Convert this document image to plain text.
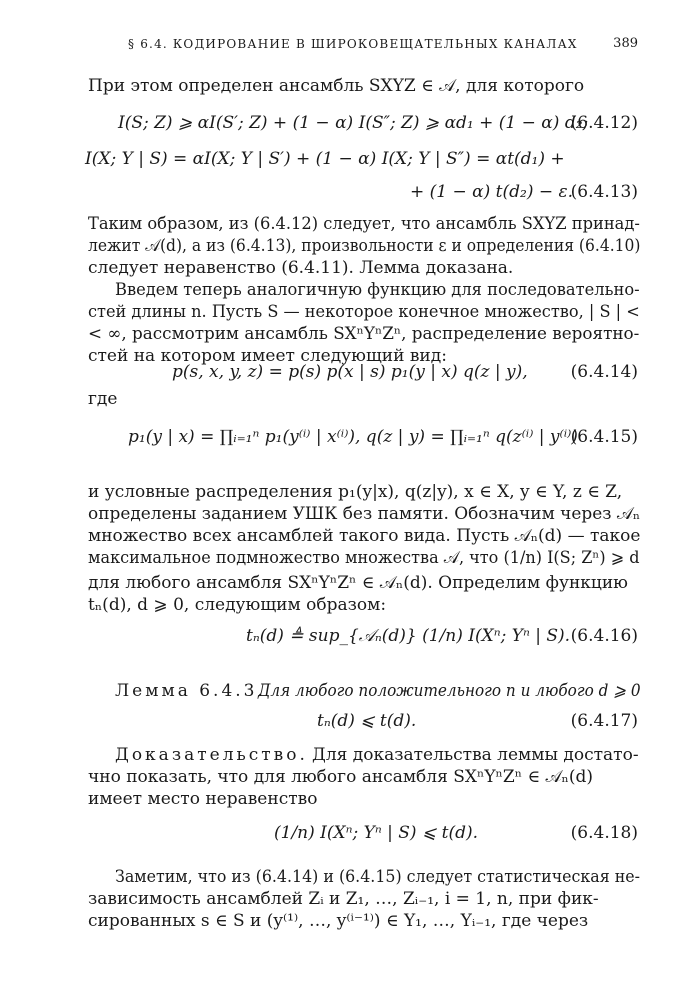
§ 6.4. КОДИРОВАНИЕ В ШИРОКОВЕЩАТЕЛЬНЫХ КАНАЛАХ	389
При этом определен ансамбль SXYZ ∈ 𝒜, для которого
I(S; Z) ⩾ αI(S′; Z) + (1 − α) I(S″; Z) ⩾ αd₁ + (1 − α) d₂;
(6.4.12)
I(X; Y | S) = αI(X; Y | S′) + (1 − α) I(X; Y | S″) = αt(d₁) +
+ (1 − α) t(d₂) − ε.
(6.4.13)
Таким образом, из (6.4.12) следует, что ансамбль SXYZ принад-
лежит 𝒜(d), а из (6.4.13), произвольности ε и определения (6.4.10)
следует неравенство (6.4.11). Лемма доказана.
Введем теперь аналогичную функцию для последовательно-
стей длины n. Пусть S — некоторое конечное множество, | S | <
< ∞, рассмотрим ансамбль SXⁿYⁿZⁿ, распределение вероятно-
стей на котором имеет следующий вид:
p(s, x, y, z) = p(s) p(x | s) p₁(y | x) q(z | y),	(6.4.14)
где
p₁(y | x) = ∏ᵢ₌₁ⁿ p₁(y⁽ⁱ⁾ | x⁽ⁱ⁾), q(z | y) = ∏ᵢ₌₁ⁿ q(z⁽ⁱ⁾ | y⁽ⁱ⁾)
(6.4.15)
и условные распределения p₁(y|x), q(z|y), x ∈ X, y ∈ Y, z ∈ Z,
определены заданием УШК без памяти. Обозначим через 𝒜ₙ
множество всех ансамблей такого вида. Пусть 𝒜ₙ(d) — такое
максимальное подмножество множества 𝒜, что (1/n) I(S; Zⁿ) ⩾ d
для любого ансамбля SXⁿYⁿZⁿ ∈ 𝒜ₙ(d). Определим функцию
tₙ(d), d ⩾ 0, следующим образом:
tₙ(d) ≜ sup_{𝒜ₙ(d)} (1/n) I(Xⁿ; Yⁿ | S). (6.4.16)
Лемма 6.4.3.
Для любого положительного n и любого d ⩾ 0
tₙ(d) ⩽ t(d).	(6.4.17)
Доказательство. Для доказательства леммы достато-
чно показать, что для любого ансамбля SXⁿYⁿZⁿ ∈ 𝒜ₙ(d)
имеет место неравенство
(1/n) I(Xⁿ; Yⁿ | S) ⩽ t(d).	(6.4.18)
Заметим, что из (6.4.14) и (6.4.15) следует статистическая не-
зависимость ансамблей Zᵢ и Z₁, …, Zᵢ₋₁, i = 1, n, при фик-
сированных s ∈ S и (y⁽¹⁾, …, y⁽ⁱ⁻¹⁾) ∈ Y₁, …, Yᵢ₋₁, где через
